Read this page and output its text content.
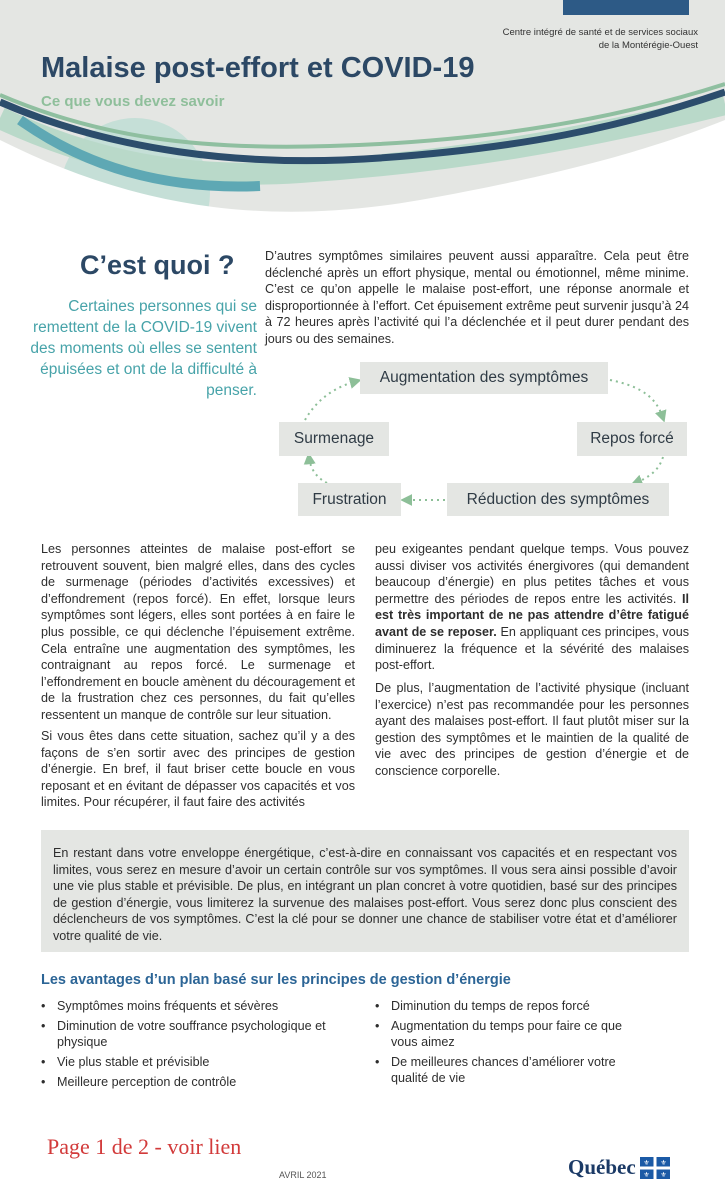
Centre intégré de santé et de services sociaux
de la Montérégie-Ouest
Malaise post-effort et COVID-19
Ce que vous devez savoir
C’est quoi ?
Certaines personnes qui se remettent de la COVID-19 vivent des moments où elles se sentent épuisées et ont de la difficulté à penser.

D’autres symptômes similaires peuvent aussi apparaître. Cela peut être déclenché après un effort physique, mental ou émotionnel, même minime. C’est ce qu’on appelle le malaise post-effort, une réponse anormale et disproportionnée à l’effort. Cet épuisement extrême peut survenir jusqu’à 24 à 72 heures après l’activité qui l’a déclenchée et il peut durer pendant des jours ou des semaines.

Augmentation des symptômes
Repos forcé
Réduction des symptômes
Frustration
Surmenage

Les personnes atteintes de malaise post-effort se retrouvent souvent, bien malgré elles, dans des cycles de surmenage (périodes d’activités excessives) et d’effondrement (repos forcé). En effet, lorsque leurs symptômes sont légers, elles sont portées à en faire le plus possible, ce qui déclenche l’épuisement extrême. Cela entraîne une augmentation des symptômes, les contraignant au repos forcé. Le surmenage et l’effondrement en boucle amènent du découragement et de la frustration chez ces personnes, du fait qu’elles ressentent un manque de contrôle sur leur situation.

Si vous êtes dans cette situation, sachez qu’il y a des façons de s’en sortir avec des principes de gestion d’énergie. En bref, il faut briser cette boucle en vous reposant et en évitant de dépasser vos capacités et vos limites. Pour récupérer, il faut faire des activités

peu exigeantes pendant quelque temps. Vous pouvez aussi diviser vos activités énergivores (qui demandent beaucoup d’énergie) en plus petites tâches et vous permettre des périodes de repos entre les activités. Il est très important de ne pas attendre d’être fatigué avant de se reposer. En appliquant ces principes, vous diminuerez la fréquence et la sévérité des malaises post-effort.

De plus, l’augmentation de l’activité physique (incluant l’exercice) n’est pas recommandée pour les personnes ayant des malaises post-effort. Il faut plutôt miser sur la gestion des symptômes et le maintien de la qualité de vie avec des principes de gestion d’énergie et de conscience corporelle.

En restant dans votre enveloppe énergétique, c’est-à-dire en connaissant vos capacités et en respectant vos limites, vous serez en mesure d’avoir un certain contrôle sur vos symptômes. Il vous sera ainsi possible d’avoir une vie plus stable et prévisible. De plus, en intégrant un plan concret à votre quotidien, basé sur des principes de gestion d’énergie, vous limiterez la survenue des malaises post-effort. Vous serez donc plus conscient des déclencheurs de vos symptômes. C’est la clé pour se donner une chance de stabiliser votre état et d’améliorer votre qualité de vie.

Les avantages d’un plan basé sur les principes de gestion d’énergie
• Symptômes moins fréquents et sévères
• Diminution de votre souffrance psychologique et physique
• Vie plus stable et prévisible
• Meilleure perception de contrôle
• Diminution du temps de repos forcé
• Augmentation du temps pour faire ce que vous aimez
• De meilleures chances d’améliorer votre qualité de vie
Page 1 de 2 - voir lien
AVRIL 2021	Québec ⚜ ⚜
⚜ ⚜
